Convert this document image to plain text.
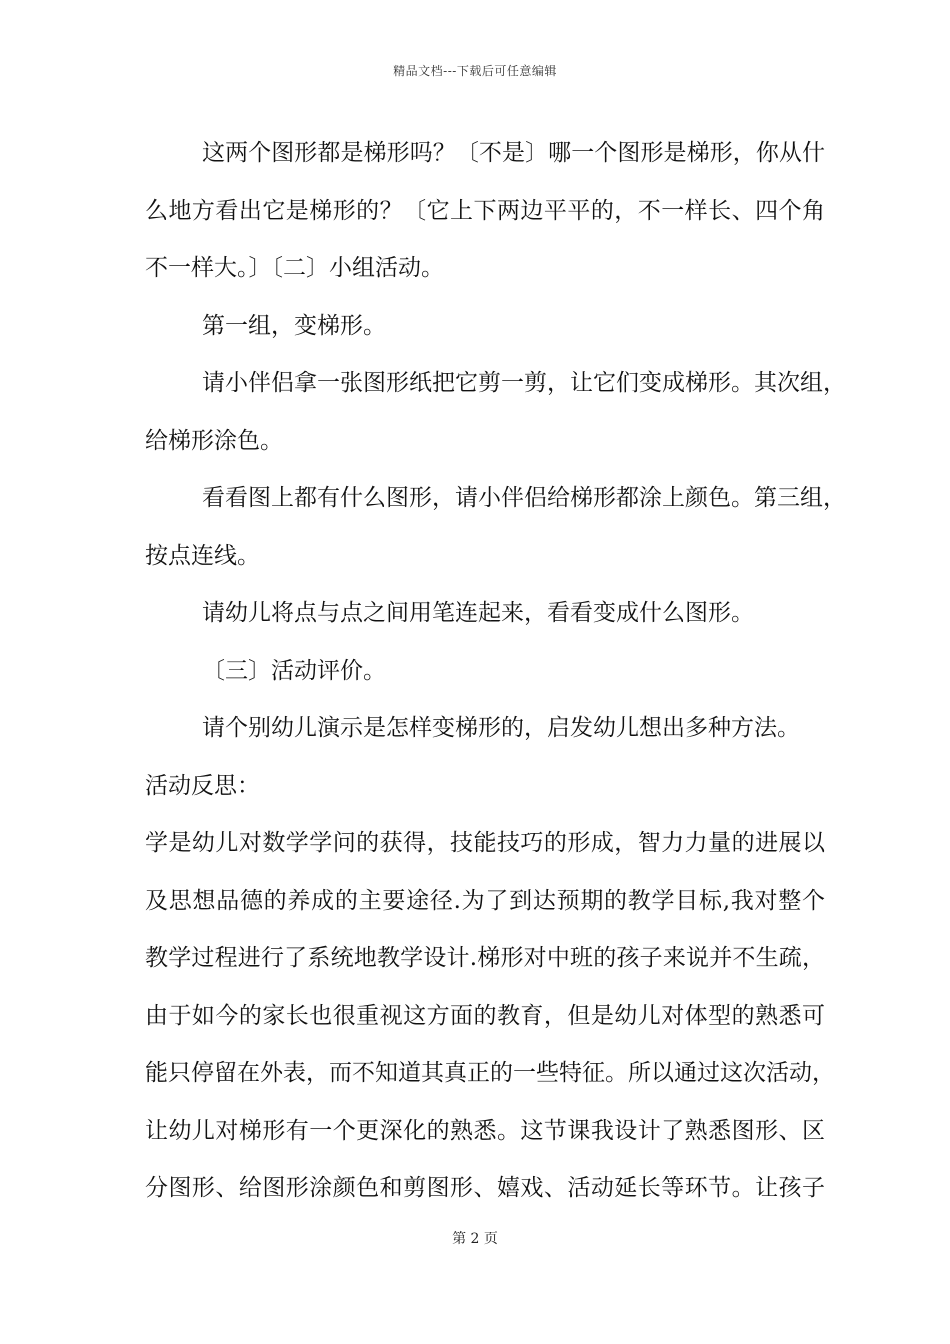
精品文档---下载后可任意编辑
这两个图形都是梯形吗？〔不是〕哪一个图形是梯形，你从什
么地方看出它是梯形的？〔它上下两边平平的，不一样长、四个角
不一样大。〕〔二〕小组活动。
第一组，变梯形。
请小伴侣拿一张图形纸把它剪一剪，让它们变成梯形。其次组，
给梯形涂色。
看看图上都有什么图形，请小伴侣给梯形都涂上颜色。第三组，
按点连线。
请幼儿将点与点之间用笔连起来，看看变成什么图形。
〔三〕活动评价。
请个别幼儿演示是怎样变梯形的，启发幼儿想出多种方法。
活动反思：
学是幼儿对数学学问的获得，技能技巧的形成，智力力量的进展以
及思想品德的养成的主要途径.为了到达预期的教学目标,我对整个
教学过程进行了系统地教学设计.梯形对中班的孩子来说并不生疏，
由于如今的家长也很重视这方面的教育，但是幼儿对体型的熟悉可
能只停留在外表，而不知道其真正的一些特征。所以通过这次活动，
让幼儿对梯形有一个更深化的熟悉。这节课我设计了熟悉图形、区
分图形、给图形涂颜色和剪图形、嬉戏、活动延长等环节。让孩子
第 2 页
